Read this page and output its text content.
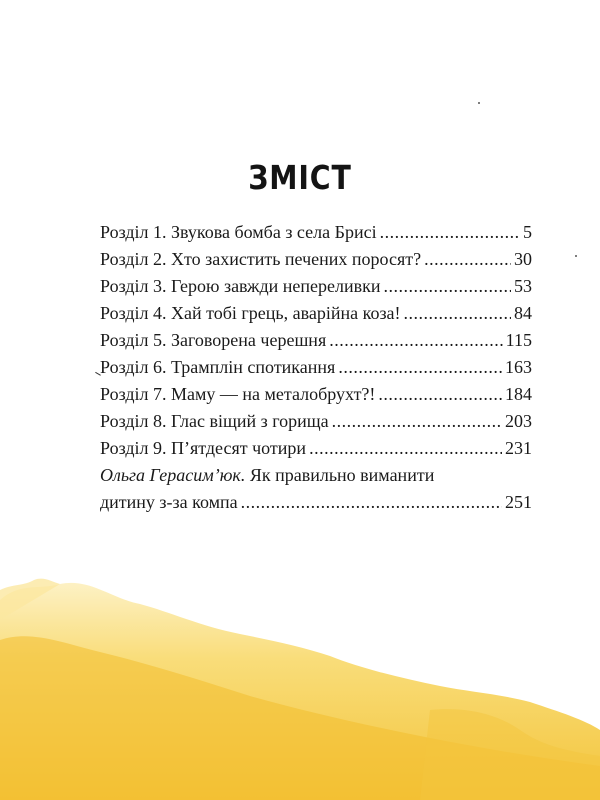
ЗМІСТ
Розділ 1. Звукова бомба з села Брисі .....	5
Розділ 2. Хто захистить печених поросят? .....	30
Розділ 3. Герою завжди непереливки .....	53
Розділ 4. Хай тобі грець, аварійна коза! .....	84
Розділ 5. Заговорена черешня .....	115
Розділ 6. Трамплін спотикання .....	163
Розділ 7. Маму — на металобрухт?! .....	184
Розділ 8. Глас віщий з горища .....	203
Розділ 9. П’ятдесят чотири .....	231
Ольга Герасим’юк. Як правильно виманити
дитину з-за компа .....	251
